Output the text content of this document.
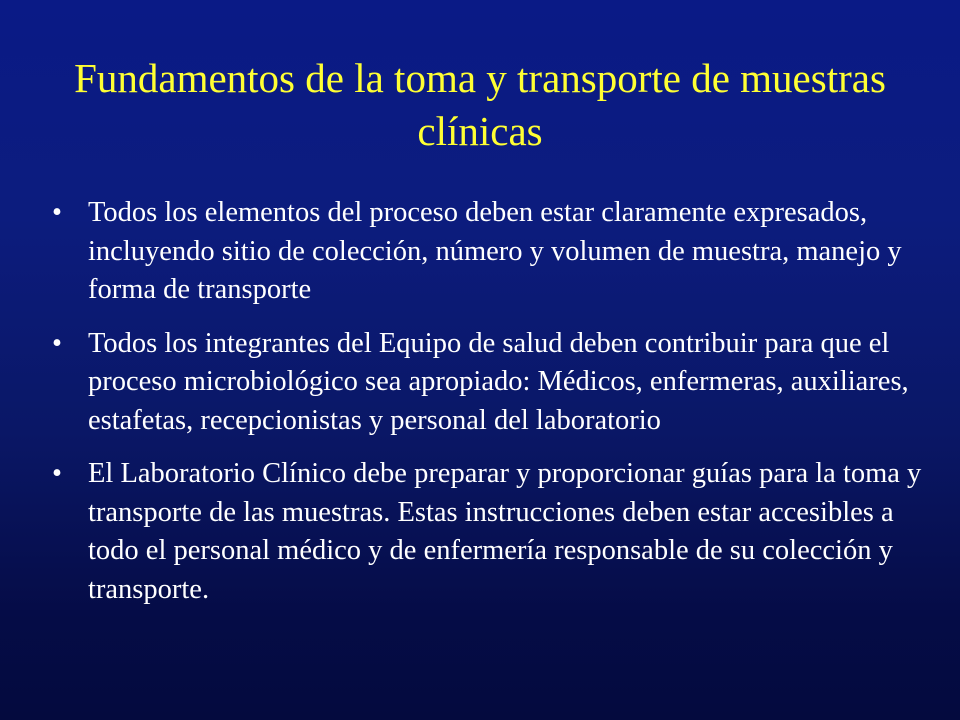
Fundamentos de la toma y transporte de muestras clínicas
• Todos los elementos del proceso deben estar claramente expresados, incluyendo sitio de colección, número y volumen de muestra, manejo y forma de transporte
• Todos los integrantes del Equipo de salud deben contribuir para que el proceso microbiológico sea apropiado: Médicos, enfermeras, auxiliares, estafetas, recepcionistas y personal del laboratorio
• El Laboratorio Clínico debe preparar y proporcionar guías para la toma y transporte de las muestras. Estas instrucciones deben estar accesibles a todo el personal médico y de enfermería responsable de su colección y transporte.
